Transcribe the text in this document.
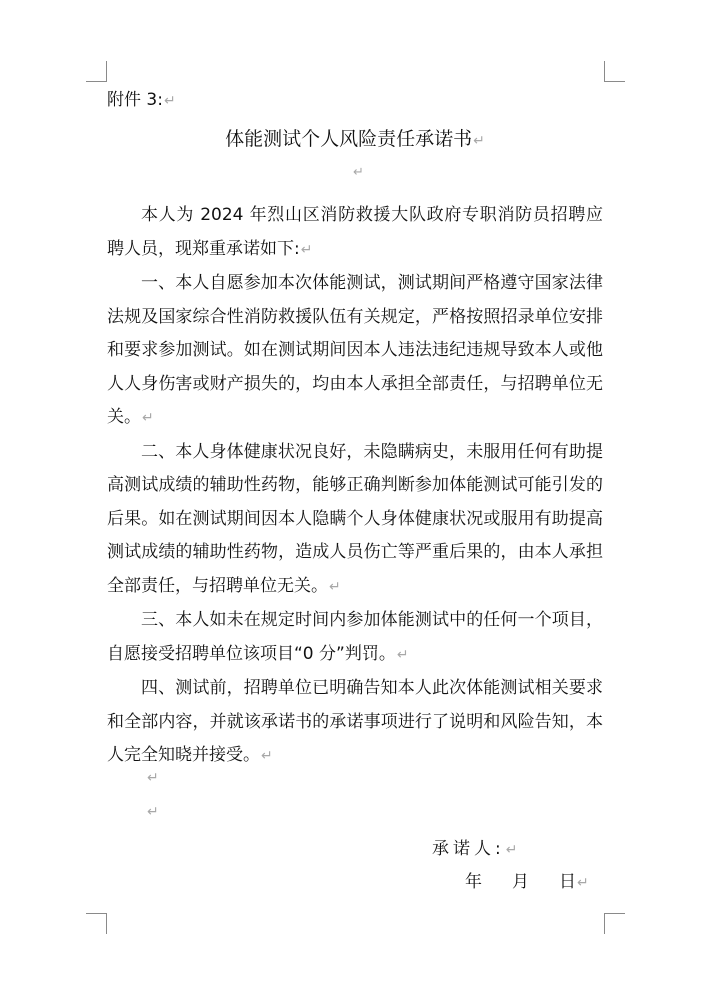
附件 3:↵
体能测试个人风险责任承诺书↵
↵

本人为 2024 年烈山区消防救援大队政府专职消防员招聘应聘人员，现郑重承诺如下:↵

一、本人自愿参加本次体能测试，测试期间严格遵守国家法律法规及国家综合性消防救援队伍有关规定，严格按照招录单位安排和要求参加测试。如在测试期间因本人违法违纪违规导致本人或他人人身伤害或财产损失的，均由本人承担全部责任，与招聘单位无关。↵

二、本人身体健康状况良好，未隐瞒病史，未服用任何有助提高测试成绩的辅助性药物，能够正确判断参加体能测试可能引发的后果。如在测试期间因本人隐瞒个人身体健康状况或服用有助提高测试成绩的辅助性药物，造成人员伤亡等严重后果的，由本人承担全部责任，与招聘单位无关。↵

三、本人如未在规定时间内参加体能测试中的任何一个项目，自愿接受招聘单位该项目“0 分”判罚。↵

四、测试前，招聘单位已明确告知本人此次体能测试相关要求和全部内容，并就该承诺书的承诺事项进行了说明和风险告知，本人完全知晓并接受。↵

↵
↵
承诺人:↵
年 月 日↵
